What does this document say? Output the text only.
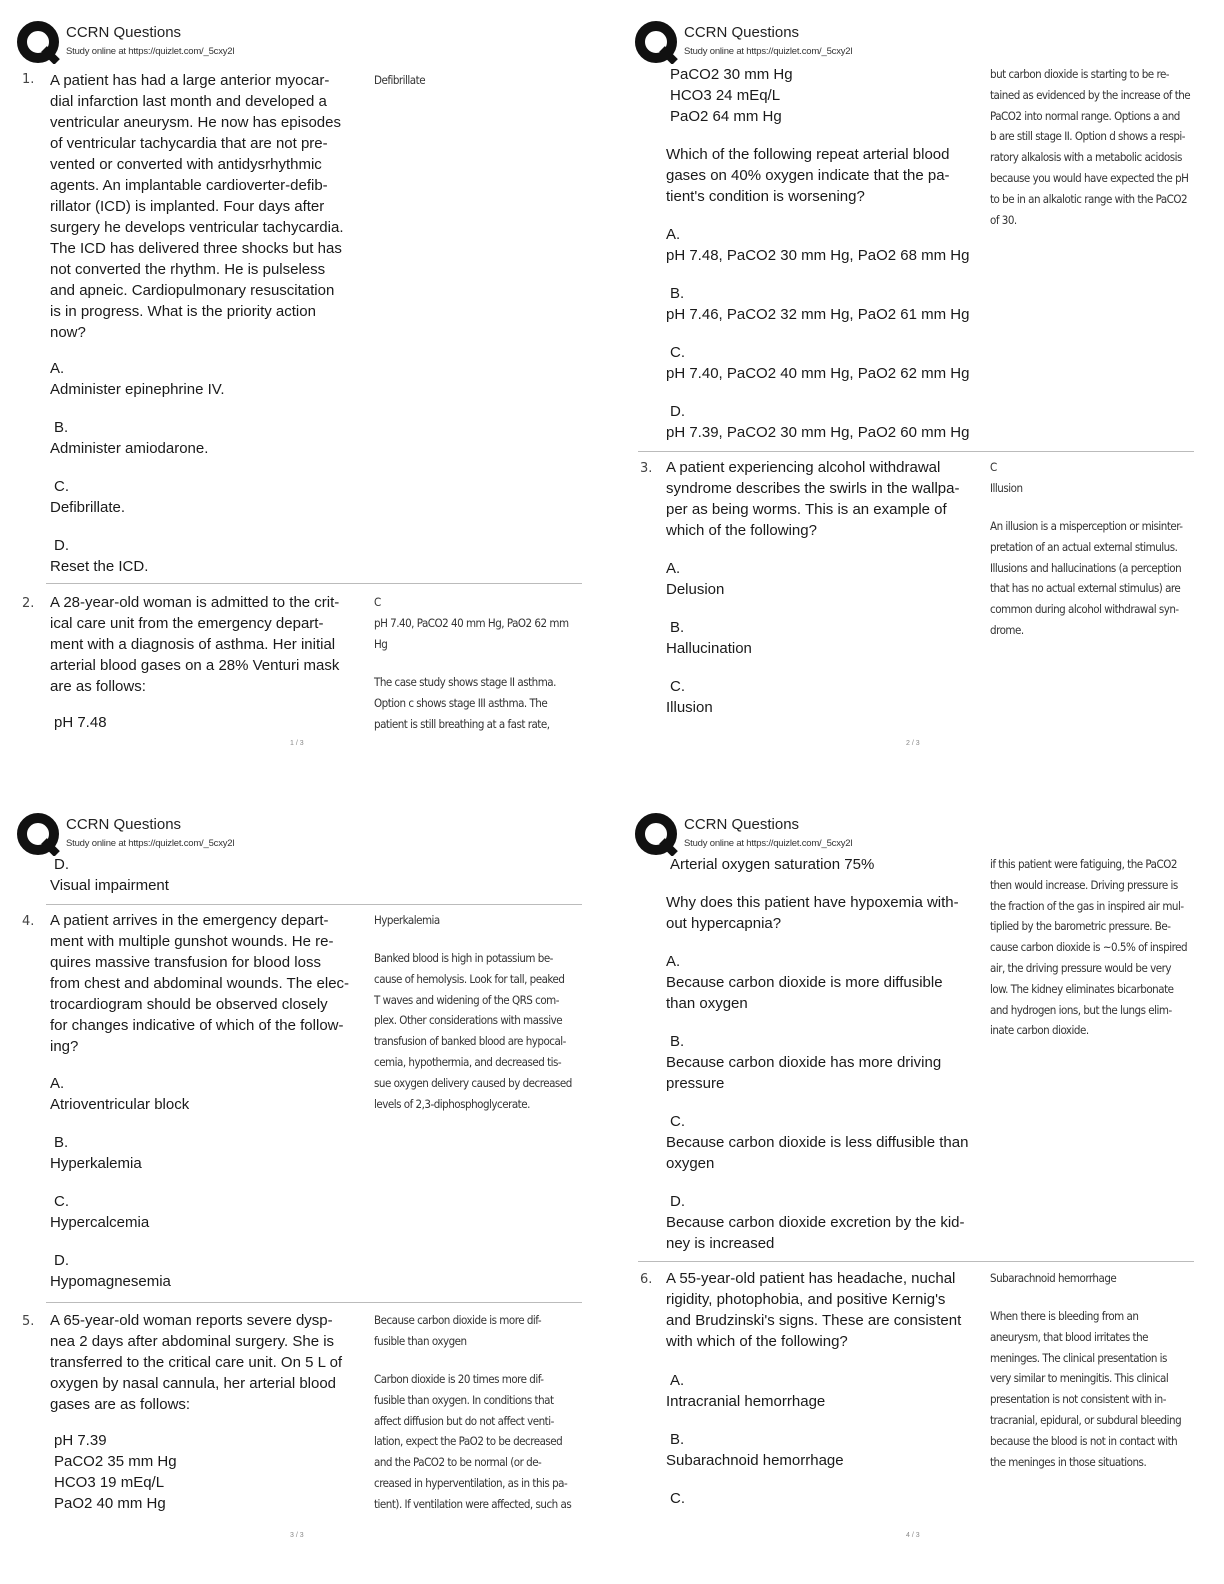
CCRN Questions
Study online at https://quizlet.com/_5cxy2l
1. A patient has had a large anterior myocar-
dial infarction last month and developed a
ventricular aneurysm. He now has episodes
of ventricular tachycardia that are not pre-
vented or converted with antidysrhythmic
agents. An implantable cardioverter-defib-
rillator (ICD) is implanted. Four days after
surgery he develops ventricular tachycardia.
The ICD has delivered three shocks but has
not converted the rhythm. He is pulseless
and apneic. Cardiopulmonary resuscitation
is in progress. What is the priority action
now?
Defibrillate
A.
Administer epinephrine IV.
B.
Administer amiodarone.
C.
Defibrillate.
D.
Reset the ICD.
2. A 28-year-old woman is admitted to the crit-
ical care unit from the emergency depart-
ment with a diagnosis of asthma. Her initial
arterial blood gases on a 28% Venturi mask
are as follows:
C
pH 7.40, PaCO2 40 mm Hg, PaO2 62 mm
Hg
The case study shows stage II asthma.
Option c shows stage III asthma. The
patient is still breathing at a fast rate,
pH 7.48
1 / 3
CCRN Questions
Study online at https://quizlet.com/_5cxy2l
PaCO2 30 mm Hg
HCO3 24 mEq/L
PaO2 64 mm Hg
Which of the following repeat arterial blood
gases on 40% oxygen indicate that the pa-
tient's condition is worsening?
but carbon dioxide is starting to be re-
tained as evidenced by the increase of the
PaCO2 into normal range. Options a and
b are still stage II. Option d shows a respi-
ratory alkalosis with a metabolic acidosis
because you would have expected the pH
to be in an alkalotic range with the PaCO2
of 30.
A.
pH 7.48, PaCO2 30 mm Hg, PaO2 68 mm Hg
B.
pH 7.46, PaCO2 32 mm Hg, PaO2 61 mm Hg
C.
pH 7.40, PaCO2 40 mm Hg, PaO2 62 mm Hg
D.
pH 7.39, PaCO2 30 mm Hg, PaO2 60 mm Hg
3. A patient experiencing alcohol withdrawal
syndrome describes the swirls in the wallpa-
per as being worms. This is an example of
which of the following?
C
Illusion
An illusion is a misperception or misinter-
pretation of an actual external stimulus.
Illusions and hallucinations (a perception
that has no actual external stimulus) are
common during alcohol withdrawal syn-
drome.
A.
Delusion
B.
Hallucination
C.
Illusion
2 / 3
CCRN Questions
Study online at https://quizlet.com/_5cxy2l
D.
Visual impairment
4. A patient arrives in the emergency depart-
ment with multiple gunshot wounds. He re-
quires massive transfusion for blood loss
from chest and abdominal wounds. The elec-
trocardiogram should be observed closely
for changes indicative of which of the follow-
ing?
Hyperkalemia
Banked blood is high in potassium be-
cause of hemolysis. Look for tall, peaked
T waves and widening of the QRS com-
plex. Other considerations with massive
transfusion of banked blood are hypocal-
cemia, hypothermia, and decreased tis-
sue oxygen delivery caused by decreased
levels of 2,3-diphosphoglycerate.
A.
Atrioventricular block
B.
Hyperkalemia
C.
Hypercalcemia
D.
Hypomagnesemia
5. A 65-year-old woman reports severe dysp-
nea 2 days after abdominal surgery. She is
transferred to the critical care unit. On 5 L of
oxygen by nasal cannula, her arterial blood
gases are as follows:
Because carbon dioxide is more dif-
fusible than oxygen
Carbon dioxide is 20 times more dif-
fusible than oxygen. In conditions that
affect diffusion but do not affect venti-
lation, expect the PaO2 to be decreased
and the PaCO2 to be normal (or de-
creased in hyperventilation, as in this pa-
tient). If ventilation were affected, such as
pH 7.39
PaCO2 35 mm Hg
HCO3 19 mEq/L
PaO2 40 mm Hg
3 / 3
CCRN Questions
Study online at https://quizlet.com/_5cxy2l
Arterial oxygen saturation 75%
Why does this patient have hypoxemia with-
out hypercapnia?
if this patient were fatiguing, the PaCO2
then would increase. Driving pressure is
the fraction of the gas in inspired air mul-
tiplied by the barometric pressure. Be-
cause carbon dioxide is ~0.5% of inspired
air, the driving pressure would be very
low. The kidney eliminates bicarbonate
and hydrogen ions, but the lungs elim-
inate carbon dioxide.
A.
Because carbon dioxide is more diffusible
than oxygen
B.
Because carbon dioxide has more driving
pressure
C.
Because carbon dioxide is less diffusible than
oxygen
D.
Because carbon dioxide excretion by the kid-
ney is increased
6. A 55-year-old patient has headache, nuchal
rigidity, photophobia, and positive Kernig's
and Brudzinski's signs. These are consistent
with which of the following?
Subarachnoid hemorrhage
When there is bleeding from an
aneurysm, that blood irritates the
meninges. The clinical presentation is
very similar to meningitis. This clinical
presentation is not consistent with in-
tracranial, epidural, or subdural bleeding
because the blood is not in contact with
the meninges in those situations.
A.
Intracranial hemorrhage
B.
Subarachnoid hemorrhage
C.
4 / 3
